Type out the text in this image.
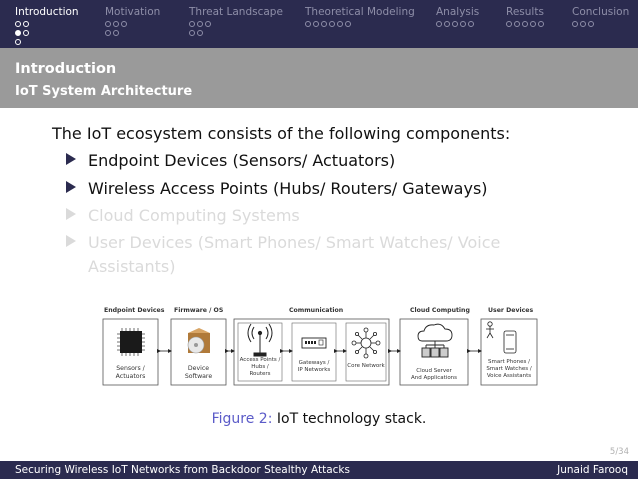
Introduction	Motivation	Threat Landscape Theoretical Modeling Analysis	Results	Conclusion
Introduction
IoT System Architecture
The IoT ecosystem consists of the following components:
Endpoint Devices (Sensors/ Actuators)
Wireless Access Points (Hubs/ Routers/ Gateways)
Cloud Computing Systems
User Devices (Smart Phones/ Smart Watches/ Voice
Assistants)
Endpoint Devices Firmware / OS	Communication	Cloud Computing	User Devices
Sensors /
Actuators
Device
Software
Access Points /
Hubs /
Routers
Gateways /
IP Networks
Core Network
Cloud Server
And Applications
Smart Phones /
Smart Watches /
Voice Assistants
Figure 2: IoT technology stack.
5/34
Securing Wireless IoT Networks from Backdoor Stealthy Attacks	Junaid Farooq
